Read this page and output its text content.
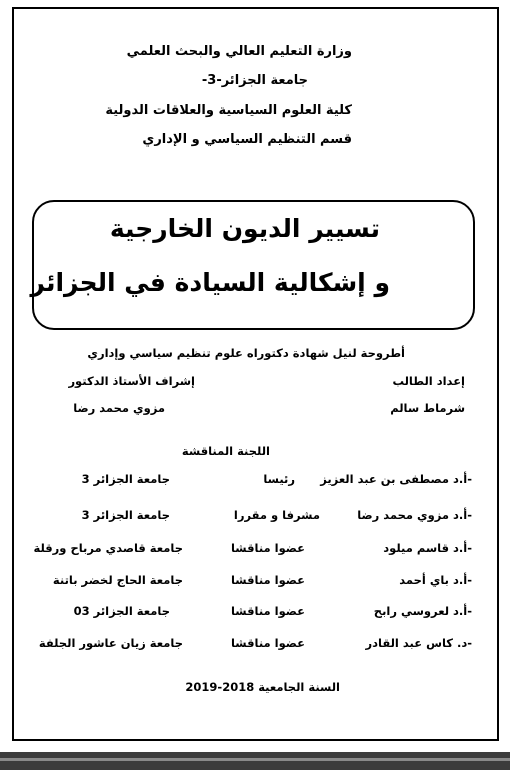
وزارة التعليم العالي والبحث العلمي
جامعة الجزائر-3-
كلية العلوم السياسية والعلاقات الدولية
قسم التنظيم السياسي و الإداري
تسيير الديون الخارجية
و إشكالية السيادة في الجزائر
أطروحة لنيل شهادة دكتوراه علوم تنظيم سياسي وإداري
إعداد الطالب
إشراف الأستاذ الدكتور
شرماط سالم
مزوي محمد رضا
اللجنة المناقشة
-أ.د مصطفى بن عبد العزيز
رئيسا
جامعة الجزائر 3
-أ.د مزوي محمد رضا
مشرفا و مقررا
جامعة الجزائر 3
-أ.د قاسم ميلود
عضوا مناقشا
جامعة قاصدي مرباح ورقلة
-أ.د باي أحمد
عضوا مناقشا
جامعة الحاج لخضر باتنة
-أ.د لعروسي رابح
عضوا مناقشا
جامعة الجزائر 03
-د. كاس عبد القادر
عضوا مناقشا
جامعة زيان عاشور الجلفة
السنة الجامعية 2018-2019
